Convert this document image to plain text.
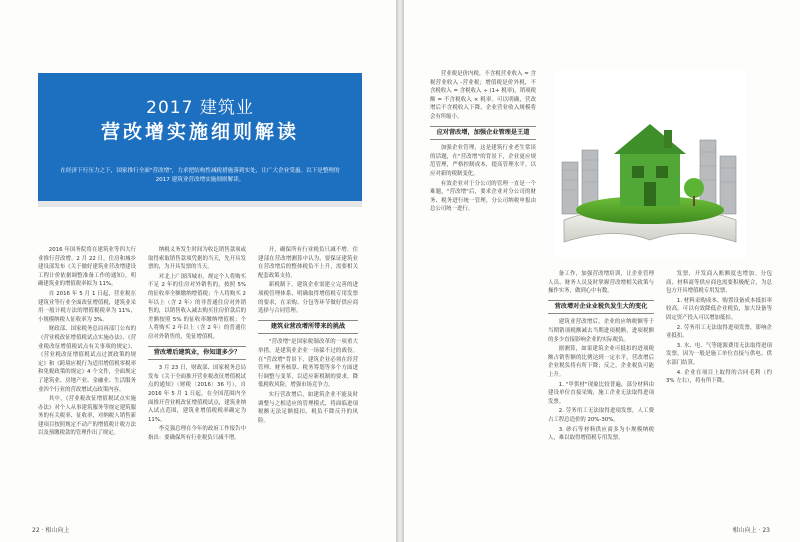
2017 建筑业
营改增实施细则解读
在经济下行压力之下，国家推行全面"营改增"，力求把结构性减税措施落到实处，让广大企业受惠。以下是整理的 2017 建筑业营改增实施细则解读。

2016 年国务院将在建筑业等四大行业推行营改增。2 月 22 日，住房和城乡建设部发布《关于做好建筑业营改增建设工程计价依据调整准备工作的通知》，明确建筑业的增值税率拟为 11%。

自 2016 年 5 月 1 日起，营业税在建筑业等行业全面改征增值税，建筑业采用一般计税方法的增值税税率为 11%，小规模纳税人征收率为 3%。

财政部、国家税务总局再部门公布的《营业税改征增值税试点实施办法》、《营业税改征增值税试点有关事项的规定》、《营业税改征增值税试点过渡政策的规定》和《跨境应税行为适用增值税零税率和免税政策的规定》4 个文件，全面规定了建筑业、房地产业、金融业、生活服务业四个行业的营改增试点政策内容。

其中，《营业税改征增值税试点实施办法》对个人从事建筑服务等规定建筑服务的有关税率、征收率，对纳税人销售新建项目按照规定不动产的增值税计税方法以及预缴税款的管理作出了规定。

纳税义务发生时间为收讫销售款项或取得索取销售款项凭据的当天，先开具发票的，为开具发票的当天。

对北上广深四城市，规定个人将购买不足 2 年的住房对外销售的，按照 5% 的征收率全额缴纳增值税；个人将购买 2 年以上（含 2 年）的非普通住房对外销售的，以销售收入减去购买住房价款后的差额按照 5% 的征收率缴纳增值税；个人将购买 2 年以上（含 2 年）的普通住房对外销售的，免征增值税。

营改增后建筑业，你知道多少？

3 月 23 日，财政部、国家税务总局发布《关于全面推开营业税改征增值税试点的通知》（财税〔2016〕36 号），自 2016 年 5 月 1 日起，在全国范围内全面推开营业税改征增值税试点，建筑业纳入试点范围，建筑业增值税税率确定为 11%。

李克强总理在今年的政府工作报告中指出：要确保所有行业税负只减不增。

开，确保所有行业税负只减不增。住建部在营改增测算中认为，要保证建筑业在营改增后的整体税负不上升，需要相关配套政策支持。

新税制下，建筑企业需建立完善的进项税管理体系，明确取得增值税专用发票的要求，在采购、分包等环节做好供应商选择与合同管理。

建筑业营改增所带来的挑战

"营改增"是国家税制改革的一项重大举措，是建筑业企业一场躲不过的战役。在"营改增"背景下，建筑企业必须在经营管理、财务核算、税务筹划等多个方面进行调整与变革，以适应新税制的要求，降低税收风险，增强市场竞争力。

实行营改增后，如建筑企业不能及时调整与之相适应的管理模式，将面临进项税额无法足额抵扣、税负不降反升的风险。

22 · 相山向上

营业税是价内税，不含税营业收入 = 含税营业收入 -营业税；增值税是价外税，不含税收入 = 含税收入 ÷ (1+ 税率)，销项税额 = 不含税收入 × 税率。可以明确，营改增后不含税收入下降，企业营业收入规模将会有所缩小。

应对营改增，加强企业管理是王道

加强企业管理，这是建筑行业老生常谈的话题，在"营改增"的背景下，企业更应规范管理，严格控制成本，提高管理水平，以应对新的税制变化。

有效企业对于分公司的管理一直是一个难题，"营改增"后，要求企业对分公司的财务、税务进行统一管理，分公司纳税申报由总公司统一进行。

备工作，加强营改增培训，让企业管理人员、财务人员及时掌握营改增相关政策与操作实务，做到心中有数。

营改增对企业业税负发生大的变化

建筑业营改增后，企业的应纳税额等于当期销项税额减去当期进项税额，进项税额的多少直接影响企业的实际税负。

据测算，如果建筑企业可抵扣的进项税额占销售额的比例达到一定水平，营改增后企业税负将有所下降；反之，企业税负可能上升。

1. "甲供材"现象比较普遍，部分材料由建设单位直接采购，施工企业无法取得进项发票。

2. 劳务用工无法取得进项发票，人工费占工程总造价的 20%-30%。

3. 砂石等材料供应商多为小规模纳税人，难以取得增值税专用发票。

发票，开发商入账额度也增加。分包商、材料商等供应商也需要积极配合，为总包方开具增值税专用发票。

1. 材料采购成本、购置设备成本抵扣率较高，可以有效降低企业税负，加大设备等固定资产投入可以增加抵扣。

2. 劳务用工无法取得进项发票，影响企业抵扣。

3. 水、电、气等能源费用无法取得进项发票，因为一般是施工单位直接与供电、供水部门结算。

4. 企业在项目上取得的合同毛利（约 3% 左右），将有所下降。

相山向上 · 23
